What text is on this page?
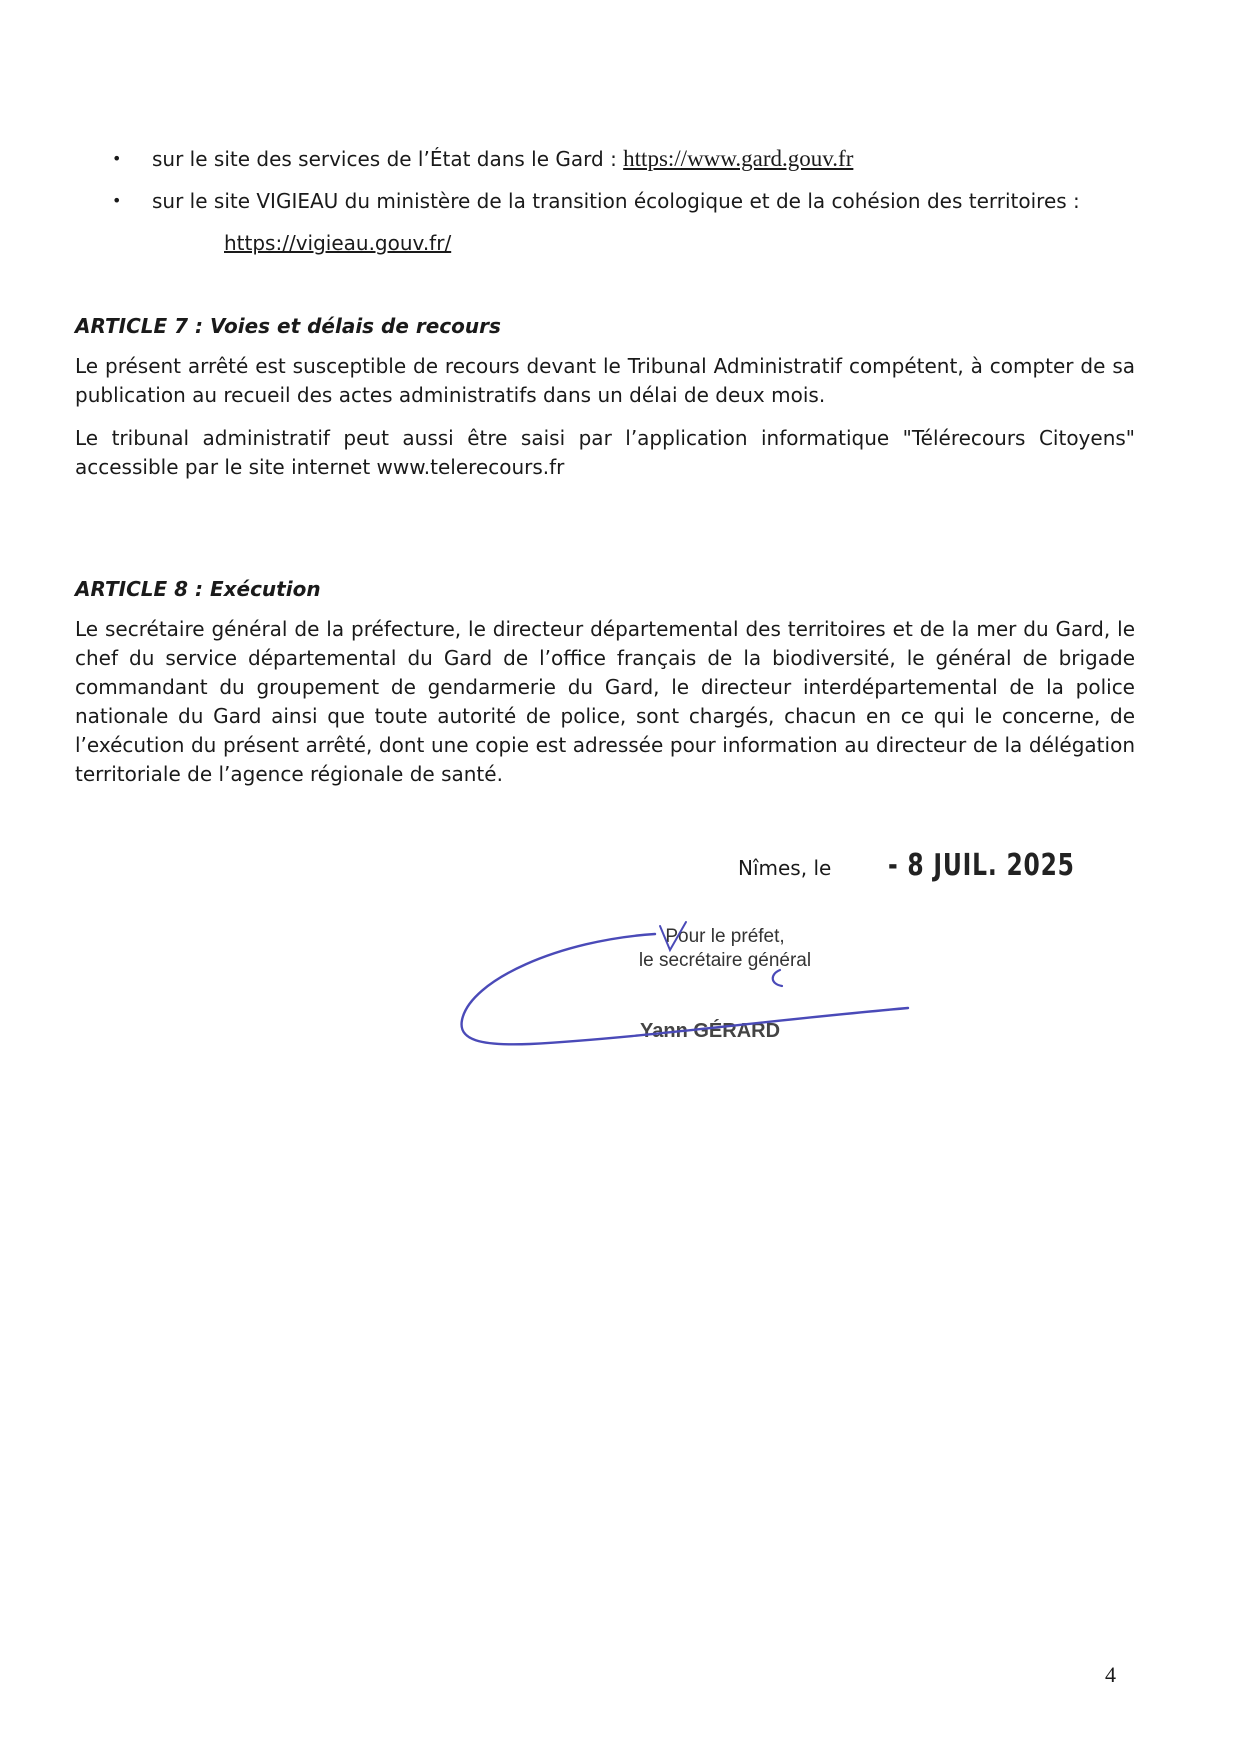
• sur le site des services de l’État dans le Gard : https://www.gard.gouv.fr
• sur le site VIGIEAU du ministère de la transition écologique et de la cohésion des territoires :
https://vigieau.gouv.fr/
ARTICLE 7 : Voies et délais de recours

Le présent arrêté est susceptible de recours devant le Tribunal Administratif compétent, à compter de sa publication au recueil des actes administratifs dans un délai de deux mois.

Le tribunal administratif peut aussi être saisi par l’application informatique "Télérecours Citoyens" accessible par le site internet www.telerecours.fr

ARTICLE 8 : Exécution

Le secrétaire général de la préfecture, le directeur départemental des territoires et de la mer du Gard, le chef du service départemental du Gard de l’office français de la biodiversité, le général de brigade commandant du groupement de gendarmerie du Gard, le directeur interdépartemental de la police nationale du Gard ainsi que toute autorité de police, sont chargés, chacun en ce qui le concerne, de l’exécution du présent arrêté, dont une copie est adressée pour information au directeur de la délégation territoriale de l’agence régionale de santé.

Nîmes, le - 8 JUIL. 2025
Pour le préfet,
le secrétaire général
Yann GÉRARD
4
